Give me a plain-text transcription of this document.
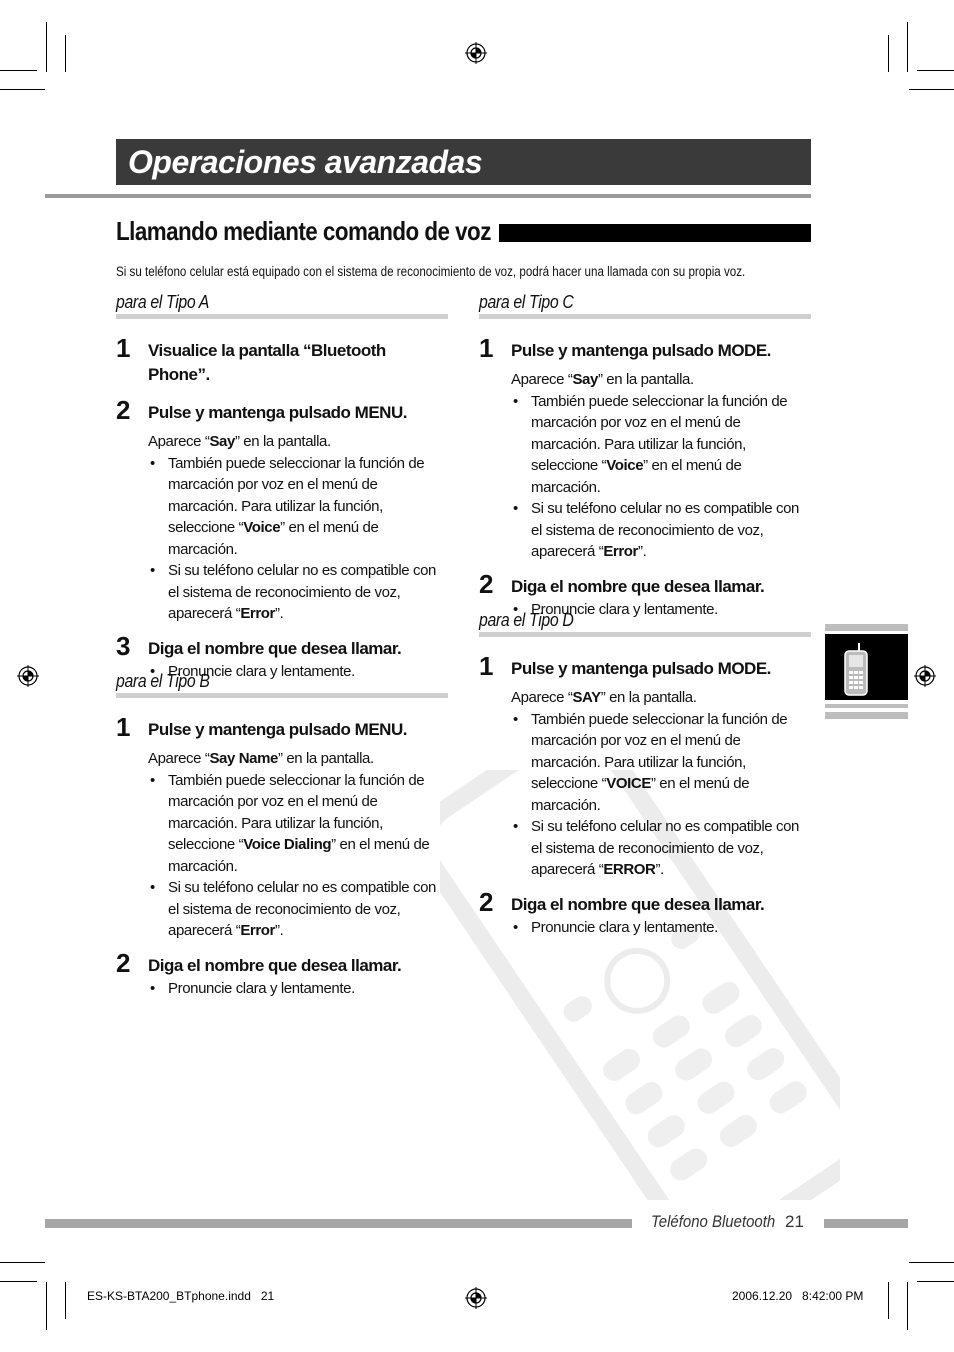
Operaciones avanzadas
Llamando mediante comando de voz
Si su teléfono celular está equipado con el sistema de reconocimiento de voz, podrá hacer una llamada con su propia voz.
para el Tipo A
1 Visualice la pantalla “Bluetooth Phone”.
2 Pulse y mantenga pulsado MENU.
Aparece “Say” en la pantalla.
• También puede seleccionar la función de marcación por voz en el menú de marcación. Para utilizar la función, seleccione “Voice” en el menú de marcación.
• Si su teléfono celular no es compatible con el sistema de reconocimiento de voz, aparecerá “Error”.
3 Diga el nombre que desea llamar.
• Pronuncie clara y lentamente.
para el Tipo B
1 Pulse y mantenga pulsado MENU.
Aparece “Say Name” en la pantalla.
• También puede seleccionar la función de marcación por voz en el menú de marcación. Para utilizar la función, seleccione “Voice Dialing” en el menú de marcación.
• Si su teléfono celular no es compatible con el sistema de reconocimiento de voz, aparecerá “Error”.
2 Diga el nombre que desea llamar.
• Pronuncie clara y lentamente.
para el Tipo C
1 Pulse y mantenga pulsado MODE.
Aparece “Say” en la pantalla.
• También puede seleccionar la función de marcación por voz en el menú de marcación. Para utilizar la función, seleccione “Voice” en el menú de marcación.
• Si su teléfono celular no es compatible con el sistema de reconocimiento de voz, aparecerá “Error”.
2 Diga el nombre que desea llamar.
• Pronuncie clara y lentamente.
para el Tipo D
1 Pulse y mantenga pulsado MODE.
Aparece “SAY” en la pantalla.
• También puede seleccionar la función de marcación por voz en el menú de marcación. Para utilizar la función, seleccione “VOICE” en el menú de marcación.
• Si su teléfono celular no es compatible con el sistema de reconocimiento de voz, aparecerá “ERROR”.
2 Diga el nombre que desea llamar.
• Pronuncie clara y lentamente.
Teléfono Bluetooth 21
ES-KS-BTA200_BTphone.indd   21	2006.12.20   8:42:00 PM
